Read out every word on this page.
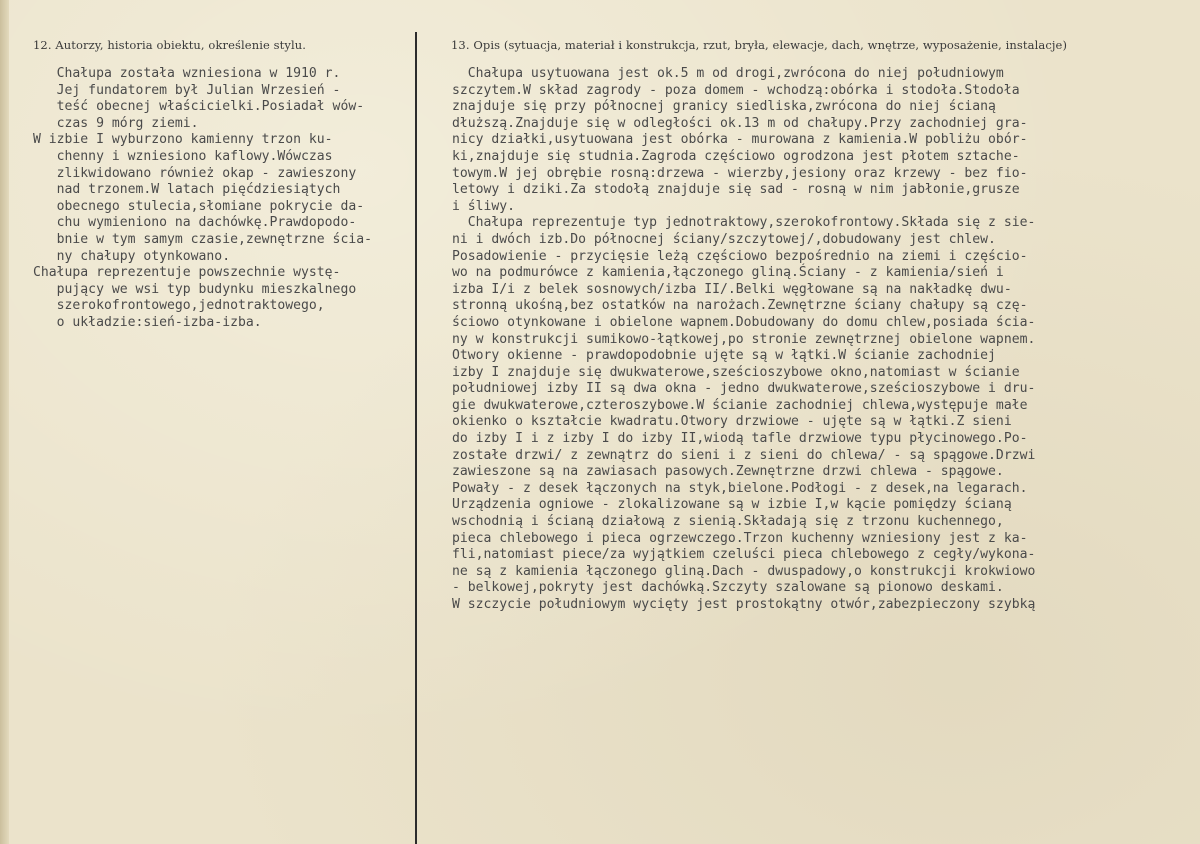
12. Autorzy, historia obiektu, określenie stylu.	13. Opis (sytuacja, materiał i konstrukcja, rzut, bryła, elewacje, dach, wnętrze, wyposażenie, instalacje)
Chałupa została wzniesiona w 1910 r.
Jej fundatorem był Julian Wrzesień -
teść obecnej właścicielki.Posiadał wów-
czas 9 mórg ziemi.
W izbie I wyburzono kamienny trzon ku-
chenny i wzniesiono kaflowy.Wówczas
zlikwidowano również okap - zawieszony
nad trzonem.W latach pięćdziesiątych
obecnego stulecia,słomiane pokrycie da-
chu wymieniono na dachówkę.Prawdopodo-
bnie w tym samym czasie,zewnętrzne ścia-
ny chałupy otynkowano.
Chałupa reprezentuje powszechnie wystę-
pujący we wsi typ budynku mieszkalnego
szerokofrontowego,jednotraktowego,
o układzie:sień-izba-izba.
Chałupa usytuowana jest ok.5 m od drogi,zwrócona do niej południowym
szczytem.W skład zagrody - poza domem - wchodzą:obórka i stodoła.Stodoła
znajduje się przy północnej granicy siedliska,zwrócona do niej ścianą
dłuższą.Znajduje się w odległości ok.13 m od chałupy.Przy zachodniej gra-
nicy działki,usytuowana jest obórka - murowana z kamienia.W pobliżu obór-
ki,znajduje się studnia.Zagroda częściowo ogrodzona jest płotem sztache-
towym.W jej obrębie rosną:drzewa - wierzby,jesiony oraz krzewy - bez fio-
letowy i dziki.Za stodołą znajduje się sad - rosną w nim jabłonie,grusze
i śliwy.
Chałupa reprezentuje typ jednotraktowy,szerokofrontowy.Składa się z sie-
ni i dwóch izb.Do północnej ściany/szczytowej/,dobudowany jest chlew.
Posadowienie - przycięsie leżą częściowo bezpośrednio na ziemi i częścio-
wo na podmurówce z kamienia,łączonego gliną.Ściany - z kamienia/sień i
izba I/i z belek sosnowych/izba II/.Belki węgłowane są na nakładkę dwu-
stronną ukośną,bez ostatków na narożach.Zewnętrzne ściany chałupy są czę-
ściowo otynkowane i obielone wapnem.Dobudowany do domu chlew,posiada ścia-
ny w konstrukcji sumikowo-łątkowej,po stronie zewnętrznej obielone wapnem.
Otwory okienne - prawdopodobnie ujęte są w łątki.W ścianie zachodniej
izby I znajduje się dwukwaterowe,sześcioszybowe okno,natomiast w ścianie
południowej izby II są dwa okna - jedno dwukwaterowe,sześcioszybowe i dru-
gie dwukwaterowe,czteroszybowe.W ścianie zachodniej chlewa,występuje małe
okienko o kształcie kwadratu.Otwory drzwiowe - ujęte są w łątki.Z sieni
do izby I i z izby I do izby II,wiodą tafle drzwiowe typu płycinowego.Po-
zostałe drzwi/ z zewnątrz do sieni i z sieni do chlewa/ - są spągowe.Drzwi
zawieszone są na zawiasach pasowych.Zewnętrzne drzwi chlewa - spągowe.
Powały - z desek łączonych na styk,bielone.Podłogi - z desek,na legarach.
Urządzenia ogniowe - zlokalizowane są w izbie I,w kącie pomiędzy ścianą
wschodnią i ścianą działową z sienią.Składają się z trzonu kuchennego,
pieca chlebowego i pieca ogrzewczego.Trzon kuchenny wzniesiony jest z ka-
fli,natomiast piece/za wyjątkiem czeluści pieca chlebowego z cegły/wykona-
ne są z kamienia łączonego gliną.Dach - dwuspadowy,o konstrukcji krokwiowo
- belkowej,pokryty jest dachówką.Szczyty szalowane są pionowo deskami.
W szczycie południowym wycięty jest prostokątny otwór,zabezpieczony szybką
